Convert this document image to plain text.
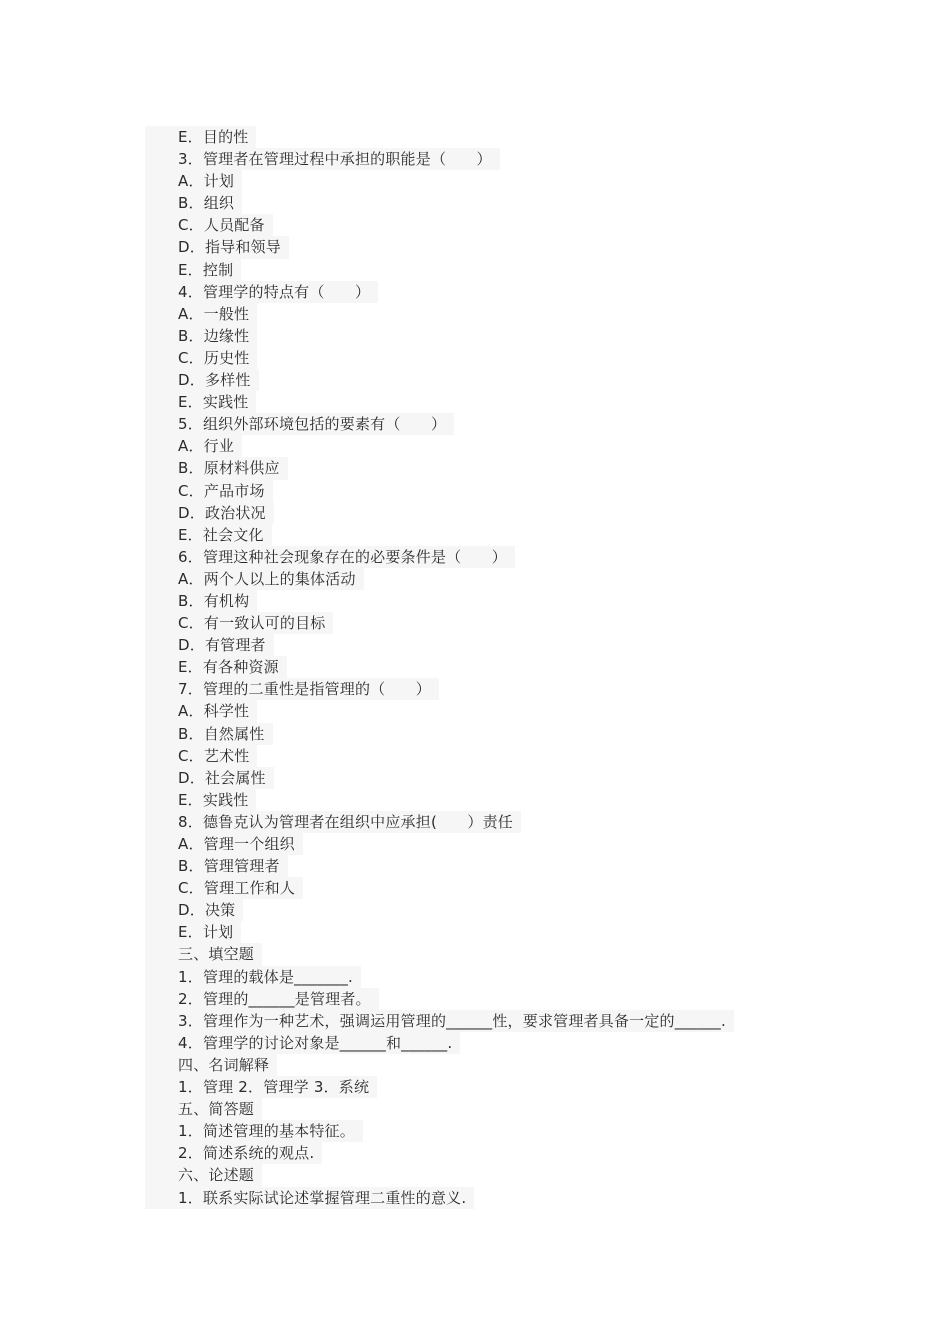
E．目的性
3．管理者在管理过程中承担的职能是（　　）
A．计划
B．组织
C．人员配备
D．指导和领导
E．控制
4．管理学的特点有（　　）
A．一般性
B．边缘性
C．历史性
D．多样性
E．实践性
5．组织外部环境包括的要素有（　　）
A．行业
B．原材料供应
C．产品市场
D．政治状况
E．社会文化
6．管理这种社会现象存在的必要条件是（　　）
A．两个人以上的集体活动
B．有机构
C．有一致认可的目标
D．有管理者
E．有各种资源
7．管理的二重性是指管理的（　　）
A．科学性
B．自然属性
C．艺术性
D．社会属性
E．实践性
8．德鲁克认为管理者在组织中应承担(　　）责任
A．管理一个组织
B．管理管理者
C．管理工作和人
D．决策
E．计划
三、填空题
1．管理的载体是_______.
2．管理的______是管理者。
3．管理作为一种艺术，强调运用管理的______性，要求管理者具备一定的______.
4．管理学的讨论对象是______和______.
四、名词解释
1．管理 2．管理学 3．系统
五、简答题
1．简述管理的基本特征。
2．简述系统的观点.
六、论述题
1．联系实际试论述掌握管理二重性的意义.
